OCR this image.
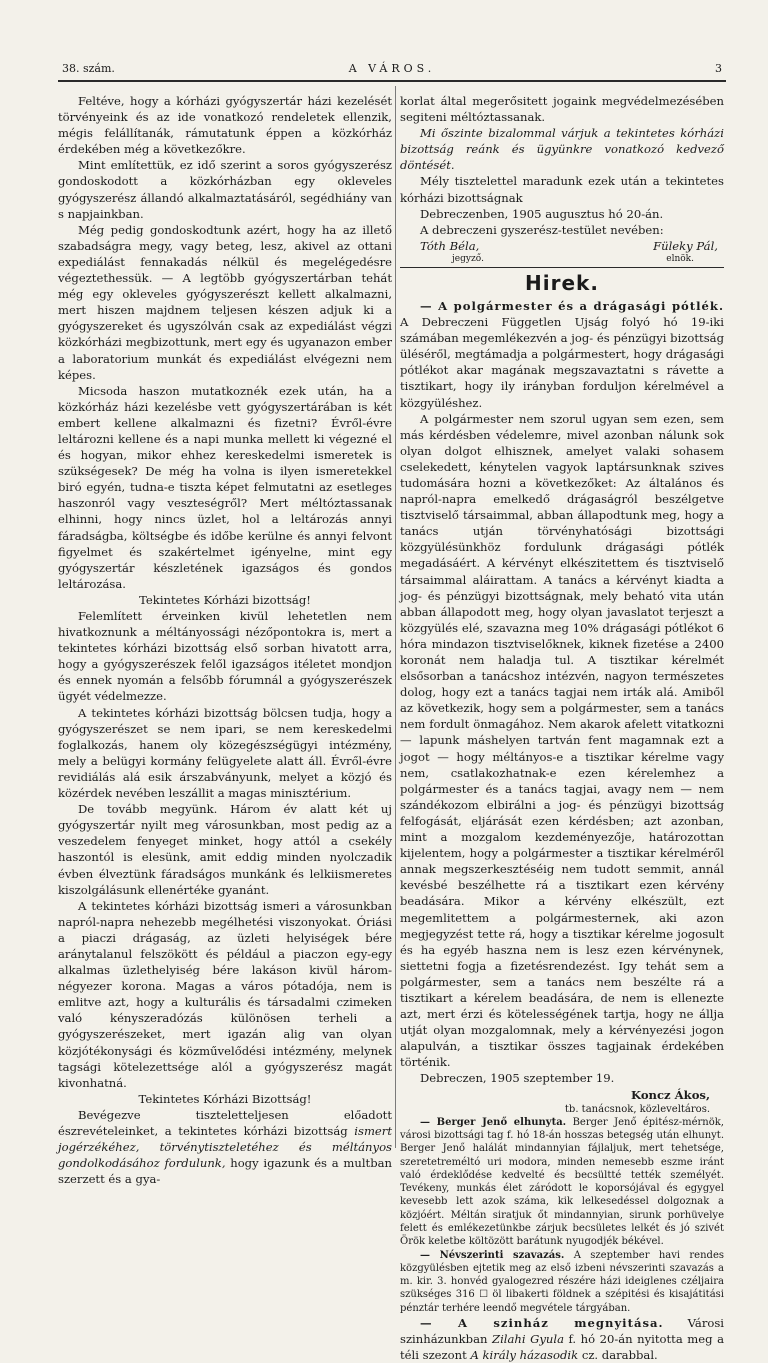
38. szám.	A VÁROS.	3

Feltéve, hogy a kórházi gyógyszertár házi kezelését törvényeink és az ide vonatkozó rendeletek ellenzik, mégis felállítanák, rámutatunk éppen a közkórház érdekében még a következőkre.

Mint említettük, ez idő szerint a soros gyógyszerész gondoskodott a közkórházban egy okleveles gyógyszerész állandó alkalmaztatásáról, segédhiány van s napjainkban.

Még pedig gondoskodtunk azért, hogy ha az illető szabadságra megy, vagy beteg, lesz, akivel az ottani expediálást fennakadás nélkül és megelégedésre végeztethessük. — A legtöbb gyógyszertárban tehát még egy okleveles gyógyszerészt kellett alkalmazni, mert hiszen majdnem teljesen készen adjuk ki a gyógyszereket és ugyszólván csak az expediálást végzi közkórházi megbizottunk, mert egy és ugyanazon ember a laboratorium munkát és expediálást elvégezni nem képes.

Micsoda haszon mutatkoznék ezek után, ha a közkórház házi kezelésbe vett gyógyszertárában is két embert kellene alkalmazni és fizetni? Évről-évre leltározni kellene és a napi munka mellett ki végezné el és hogyan, mikor ehhez kereskedelmi ismeretek is szükségesek? De még ha volna is ilyen ismeretekkel biró egyén, tudna-e tiszta képet felmutatni az esetleges haszonról vagy veszteségről? Mert méltóztassanak elhinni, hogy nincs üzlet, hol a leltározás annyi fáradságba, költségbe és időbe kerülne és annyi felvont figyelmet és szakértelmet igényelne, mint egy gyógyszertár készletének igazságos és gondos leltározása.

Tekintetes Kórházi bizottság!

Felemlített érveinken kivül lehetetlen nem hivatkoznunk a méltányossági nézőpontokra is, mert a tekintetes kórházi bizottság első sorban hivatott arra, hogy a gyógyszerészek felől igazságos itéletet mondjon és ennek nyomán a felsőbb fórumnál a gyógyszerészek ügyét védelmezze.

A tekintetes kórházi bizottság bölcsen tudja, hogy a gyógyszerészet se nem ipari, se nem kereskedelmi foglalkozás, hanem oly közegészségügyi intézmény, mely a belügyi kormány felügyelete alatt áll. Évről-évre revidiálás alá esik árszabványunk, melyet a közjó és közérdek nevében leszállit a magas minisztérium.

De tovább megyünk. Három év alatt két uj gyógyszertár nyilt meg városunkban, most pedig az a veszedelem fenyeget minket, hogy attól a csekély haszontól is elesünk, amit eddig minden nyolczadik évben élveztünk fáradságos munkánk és lelkiismeretes kiszolgálásunk ellenértéke gyanánt.

A tekintetes kórházi bizottság ismeri a városunkban napról-napra nehezebb megélhetési viszonyokat. Óriási a piaczi drágaság, az üzleti helyiségek bére aránytalanul felszökött és például a piaczon egy-egy alkalmas üzlethelyiség bére lakáson kivül három-négyezer korona. Magas a város pótadója, nem is emlitve azt, hogy a kulturális és társadalmi czimeken való kényszeradózás különösen terheli a gyógyszerészeket, mert igazán alig van olyan közjótékonysági és közművelődési intézmény, melynek tagsági kötelezettsége alól a gyógyszerész magát kivonhatná.

Tekintetes Kórházi Bizottság!

Bevégezve tiszteletteljesen előadott észrevételeinket, a tekintetes kórházi bizottság ismert jogérzékéhez, törvénytiszteletéhez és méltányos gondolkodásához fordulunk, hogy igazunk és a multban szerzett és a gya-

korlat által megerősitett jogaink megvédelmezésében segiteni méltóztassanak.

Mi őszinte bizalommal várjuk a tekintetes kórházi bizottság reánk és ügyünkre vonatkozó kedvező döntését.

Mély tisztelettel maradunk ezek után a tekintetes kórházi bizottságnak

Debreczenben, 1905 augusztus hó 20-án.

A debreczeni gyszerész-testület nevében:

Tóth Béla,	Füleky Pál,
jegyző.	elnök.
Hirek.

— A polgármester és a drágasági pótlék. A Debreczeni Független Ujság folyó hó 19-iki számában megemlékezvén a jog- és pénzügyi bizottság üléséről, megtámadja a polgármestert, hogy drágasági pótlékot akar magának megszavaztatni s rávette a tisztikart, hogy ily irányban forduljon kérelmével a közgyüléshez.

A polgármester nem szorul ugyan sem ezen, sem más kérdésben védelemre, mivel azonban nálunk sok olyan dolgot elhisznek, amelyet valaki sohasem cselekedett, kénytelen vagyok laptársunknak szives tudomására hozni a következőket: Az általános és napról-napra emelkedő drágaságról beszélgetve tisztviselő társaimmal, abban állapodtunk meg, hogy a tanács utján törvényhatósági bizottsági közgyülésünkhöz fordulunk drágasági pótlék megadásáért. A kérvényt elkészitettem és tisztviselő társaimmal aláirattam. A tanács a kérvényt kiadta a jog- és pénzügyi bizottságnak, mely beható vita után abban állapodott meg, hogy olyan javaslatot terjeszt a közgyülés elé, szavazna meg 10% drágasági pótlékot 6 hóra mindazon tisztviselőknek, kiknek fizetése a 2400 koronát nem haladja tul. A tisztikar kérelmét elsősorban a tanácshoz intézvén, nagyon természetes dolog, hogy ezt a tanács tagjai nem irták alá. Amiből az következik, hogy sem a polgármester, sem a tanács nem fordult önmagához. Nem akarok afelett vitatkozni — lapunk máshelyen tartván fent magamnak ezt a jogot — hogy méltányos-e a tisztikar kérelme vagy nem, csatlakozhatnak-e ezen kérelemhez a polgármester és a tanács tagjai, avagy nem — nem szándékozom elbirálni a jog- és pénzügyi bizottság felfogását, eljárását ezen kérdésben; azt azonban, mint a mozgalom kezdeményezője, határozottan kijelentem, hogy a polgármester a tisztikar kérelméről annak megszerkesztéséig nem tudott semmit, annál kevésbé beszélhette rá a tisztikart ezen kérvény beadására. Mikor a kérvény elkészült, ezt megemlitettem a polgármesternek, aki azon megjegyzést tette rá, hogy a tisztikar kérelme jogosult és ha egyéb haszna nem is lesz ezen kérvénynek, siettetni fogja a fizetésrendezést. Igy tehát sem a polgármester, sem a tanács nem beszélte rá a tisztikart a kérelem beadására, de nem is ellenezte azt, mert érzi és kötelességének tartja, hogy ne állja utját olyan mozgalomnak, mely a kérvényezési jogon alapulván, a tisztikar összes tagjainak érdekében történik.

Debreczen, 1905 szeptember 19.

Koncz Ákos,
tb. tanácsnok, közleveltáros.

— Berger Jenő elhunyta. Berger Jenő épitész-mérnök, városi bizottsági tag f. hó 18-án hosszas betegség után elhunyt. Berger Jenő halálát mindannyian fájlaljuk, mert tehetsége, szeretetreméltó uri modora, minden nemesebb eszme iránt való érdeklődése kedvelté és becsültté tették személyét. Tevékeny, munkás élet záródott le koporsójával és egygyel kevesebb lett azok száma, kik lelkesedéssel dolgoznak a közjóért. Méltán siratjuk őt mindannyian, sirunk porhüvelye felett és emlékezetünkbe zárjuk becsületes lelkét és jó szivét Örök keletbe költözött barátunk nyugodjék békével.

— Névszerinti szavazás. A szeptember havi rendes közgyülésben ejtetik meg az első izbeni névszerinti szavazás a m. kir. 3. honvéd gyalogezred részére házi ideiglenes czéljaira szükséges 316 ☐ öl libakerti földnek a szépitési és kisajátitási pénztár terhére leendő megvétele tárgyában.

— A szinház megnyitása. Városi szinházunkban Zilahi Gyula f. hó 20-án nyitotta meg a téli szezont A király házasodik cz. darabbal.
